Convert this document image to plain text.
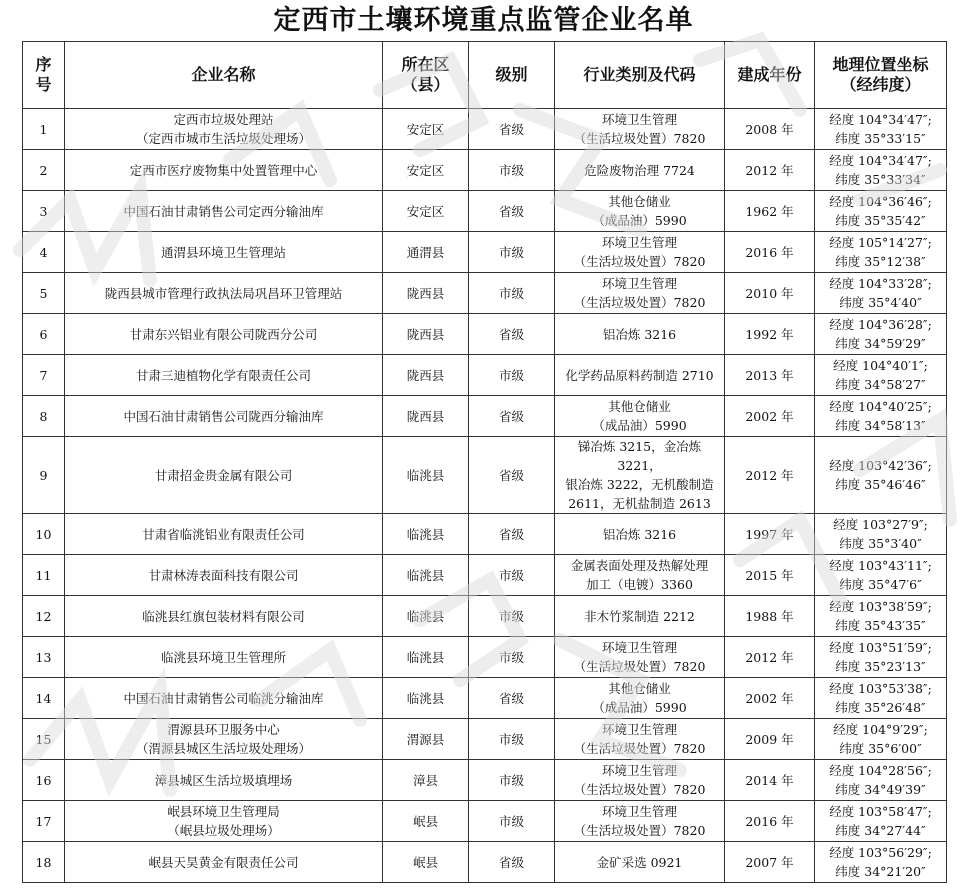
定西市土壤环境重点监管企业名单
序
号	企业名称	所在区
（县）	级别	行业类别及代码	建成年份	地理位置坐标
（经纬度）
1	定西市垃圾处理站
（定西市城市生活垃圾处理场）	安定区	省级	环境卫生管理
（生活垃圾处置）7820	2008 年	经度 104°34′47″;
纬度 35°33′15″
2	定西市医疗废物集中处置管理中心	安定区	市级	危险废物治理 7724	2012 年	经度 104°34′47″;
纬度 35°33′34″
3	中国石油甘肃销售公司定西分输油库	安定区	省级	其他仓储业
（成品油）5990	1962 年	经度 104°36′46″;
纬度 35°35′42″
4	通渭县环境卫生管理站	通渭县	市级	环境卫生管理
（生活垃圾处置）7820	2016 年	经度 105°14′27″;
纬度 35°12′38″
5	陇西县城市管理行政执法局巩昌环卫管理站	陇西县	市级	环境卫生管理
（生活垃圾处置）7820	2010 年	经度 104°33′28″;
纬度 35°4′40″
6	甘肃东兴铝业有限公司陇西分公司	陇西县	省级	铝冶炼 3216	1992 年	经度 104°36′28″;
纬度 34°59′29″
7	甘肃三迪植物化学有限责任公司	陇西县	市级	化学药品原料药制造 2710	2013 年	经度 104°40′1″;
纬度 34°58′27″
8	中国石油甘肃销售公司陇西分输油库	陇西县	省级	其他仓储业
（成品油）5990	2002 年	经度 104°40′25″;
纬度 34°58′13″
9	甘肃招金贵金属有限公司	临洮县	省级	锑冶炼 3215，金冶炼 3221，
银冶炼 3222，无机酸制造
2611，无机盐制造 2613	2012 年	经度 103°42′36″;
纬度 35°46′46″
10	甘肃省临洮铝业有限责任公司	临洮县	省级	铝冶炼 3216	1997 年	经度 103°27′9″;
纬度 35°3′40″
11	甘肃林涛表面科技有限公司	临洮县	市级	金属表面处理及热解处理
加工（电镀）3360	2015 年	经度 103°43′11″;
纬度 35°47′6″
12	临洮县红旗包装材料有限公司	临洮县	市级	非木竹浆制造 2212	1988 年	经度 103°38′59″;
纬度 35°43′35″
13	临洮县环境卫生管理所	临洮县	市级	环境卫生管理
（生活垃圾处置）7820	2012 年	经度 103°51′59″;
纬度 35°23′13″
14	中国石油甘肃销售公司临洮分输油库	临洮县	省级	其他仓储业
（成品油）5990	2002 年	经度 103°53′38″;
纬度 35°26′48″
15	渭源县环卫服务中心
（渭源县城区生活垃圾处理场）	渭源县	市级	环境卫生管理
（生活垃圾处置）7820	2009 年	经度 104°9′29″;
纬度 35°6′00″
16	漳县城区生活垃圾填埋场	漳县	市级	环境卫生管理
（生活垃圾处置）7820	2014 年	经度 104°28′56″;
纬度 34°49′39″
17	岷县环境卫生管理局
（岷县垃圾处理场）	岷县	市级	环境卫生管理
（生活垃圾处置）7820	2016 年	经度 103°58′47″;
纬度 34°27′44″
18	岷县天昊黄金有限责任公司	岷县	省级	金矿采选 0921	2007 年	经度 103°56′29″;
纬度 34°21′20″
